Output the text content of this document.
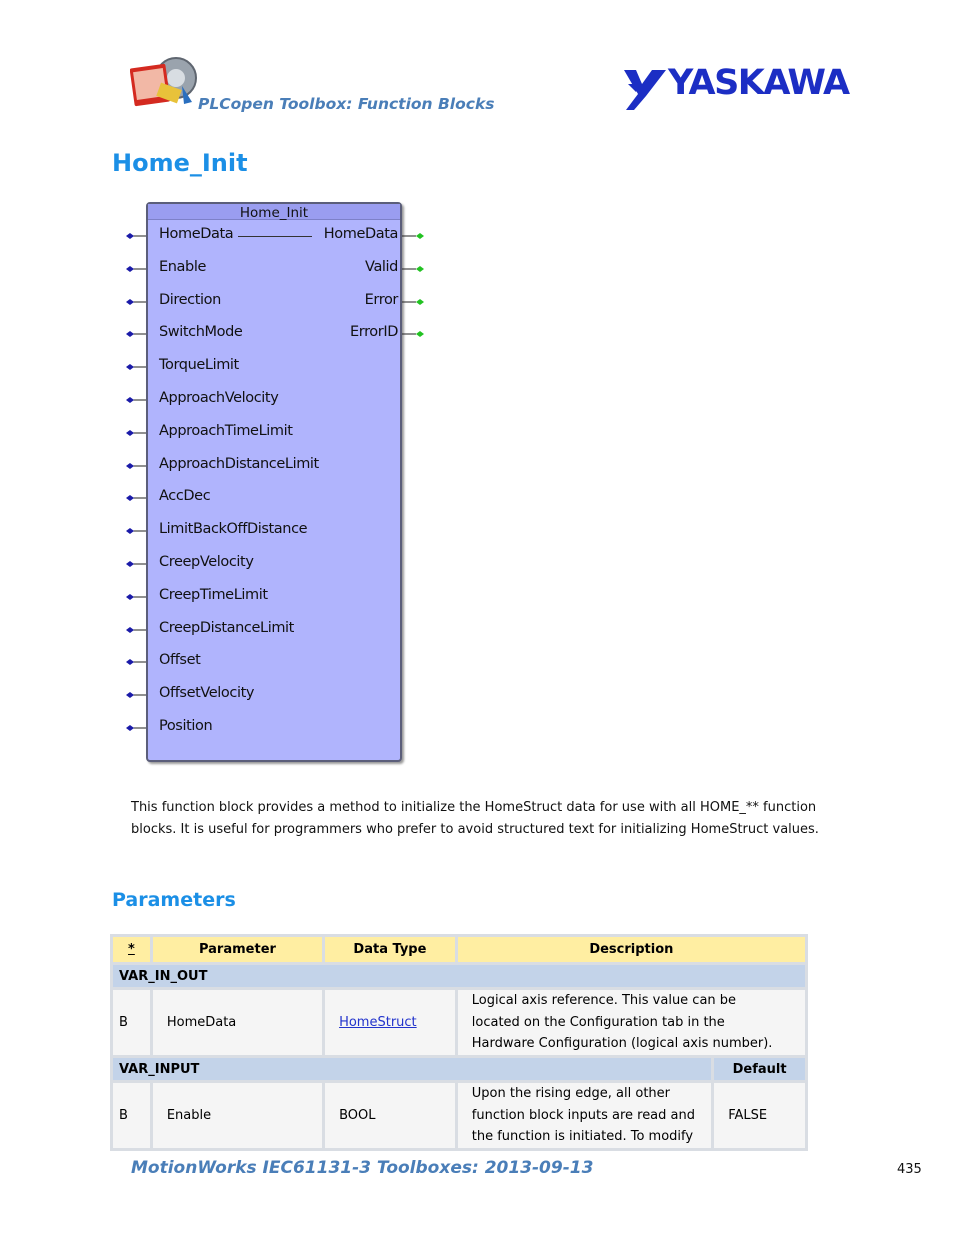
PLCopen Toolbox: Function Blocks
YASKAWA
Home_Init
Home_Init
HomeData
Enable
Direction
SwitchMode
TorqueLimit
ApproachVelocity
ApproachTimeLimit
ApproachDistanceLimit
AccDec
LimitBackOffDistance
CreepVelocity
CreepTimeLimit
CreepDistanceLimit
Offset
OffsetVelocity
Position
HomeData
Valid
Error
ErrorID
This function block provides a method to initialize the HomeStruct data for use with all HOME_** function blocks. It is useful for programmers who prefer to avoid structured text for initializing HomeStruct values.
Parameters
*	Parameter	Data Type	Description	
VAR_IN_OUT				
B	HomeData	HomeStruct	Logical axis reference. This value can be located on the Configuration tab in the Hardware Configuration (logical axis number).	
VAR_INPUT				Default
B	Enable	BOOL	Upon the rising edge, all other function block inputs are read and the function is initiated. To modify	FALSE
MotionWorks IEC61131-3 Toolboxes: 2013-09-13	435
